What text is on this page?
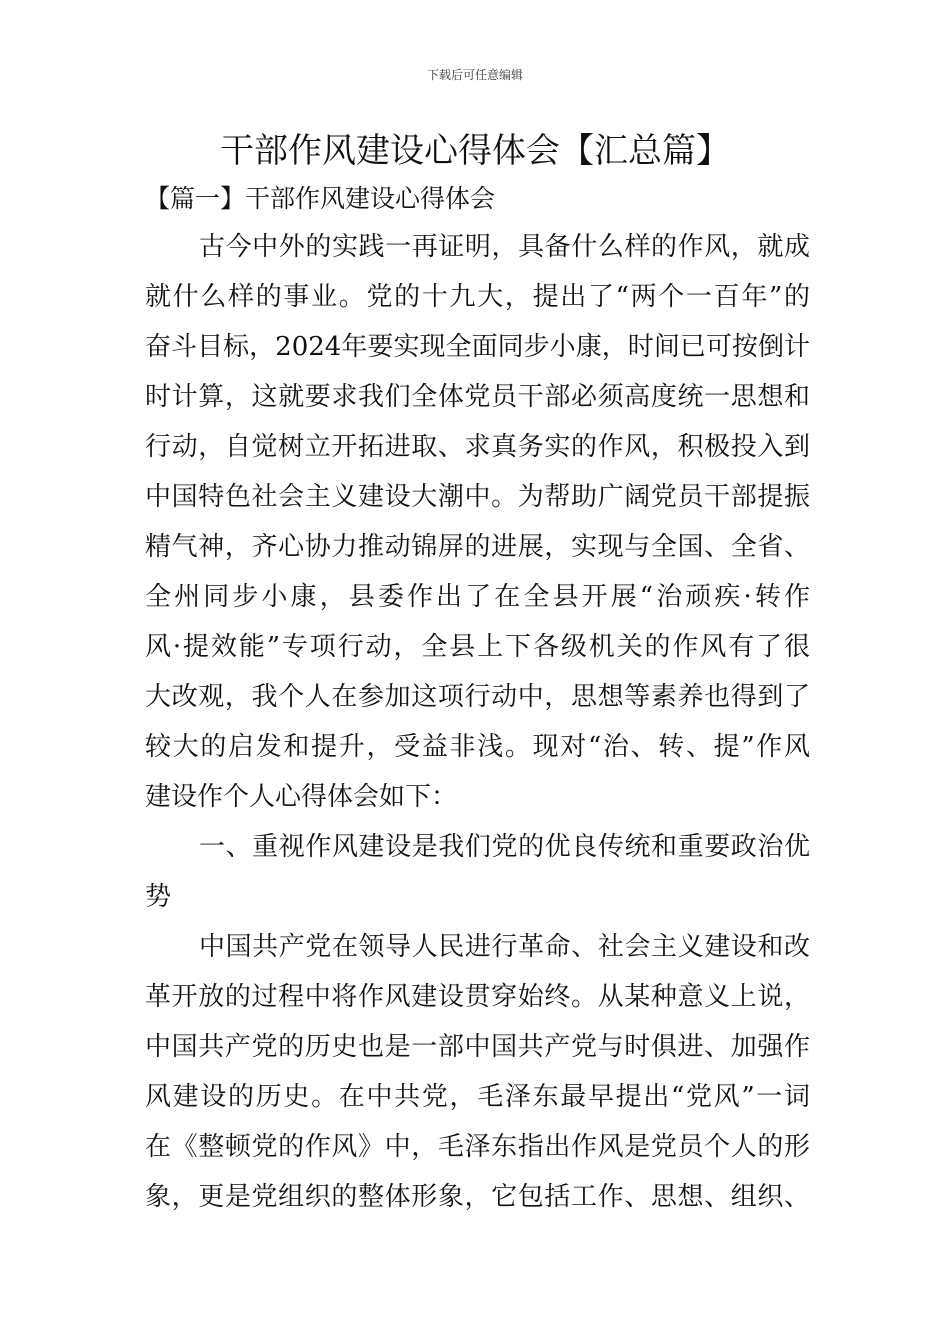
下载后可任意编辑
干部作风建设心得体会【汇总篇】
【篇一】干部作风建设心得体会
古今中外的实践一再证明，具备什么样的作风，就成
就什么样的事业。党的十九大，提出了“两个一百年”的
奋斗目标，2024年要实现全面同步小康，时间已可按倒计
时计算，这就要求我们全体党员干部必须高度统一思想和
行动，自觉树立开拓进取、求真务实的作风，积极投入到
中国特色社会主义建设大潮中。为帮助广阔党员干部提振
精气神，齐心协力推动锦屏的进展，实现与全国、全省、
全州同步小康，县委作出了在全县开展“治顽疾·转作
风·提效能”专项行动，全县上下各级机关的作风有了很
大改观，我个人在参加这项行动中，思想等素养也得到了
较大的启发和提升，受益非浅。现对“治、转、提”作风
建设作个人心得体会如下：
一、重视作风建设是我们党的优良传统和重要政治优
势
中国共产党在领导人民进行革命、社会主义建设和改
革开放的过程中将作风建设贯穿始终。从某种意义上说，
中国共产党的历史也是一部中国共产党与时俱进、加强作
风建设的历史。在中共党，毛泽东最早提出“党风”一词
在《整顿党的作风》中，毛泽东指出作风是党员个人的形
象，更是党组织的整体形象，它包括工作、思想、组织、
